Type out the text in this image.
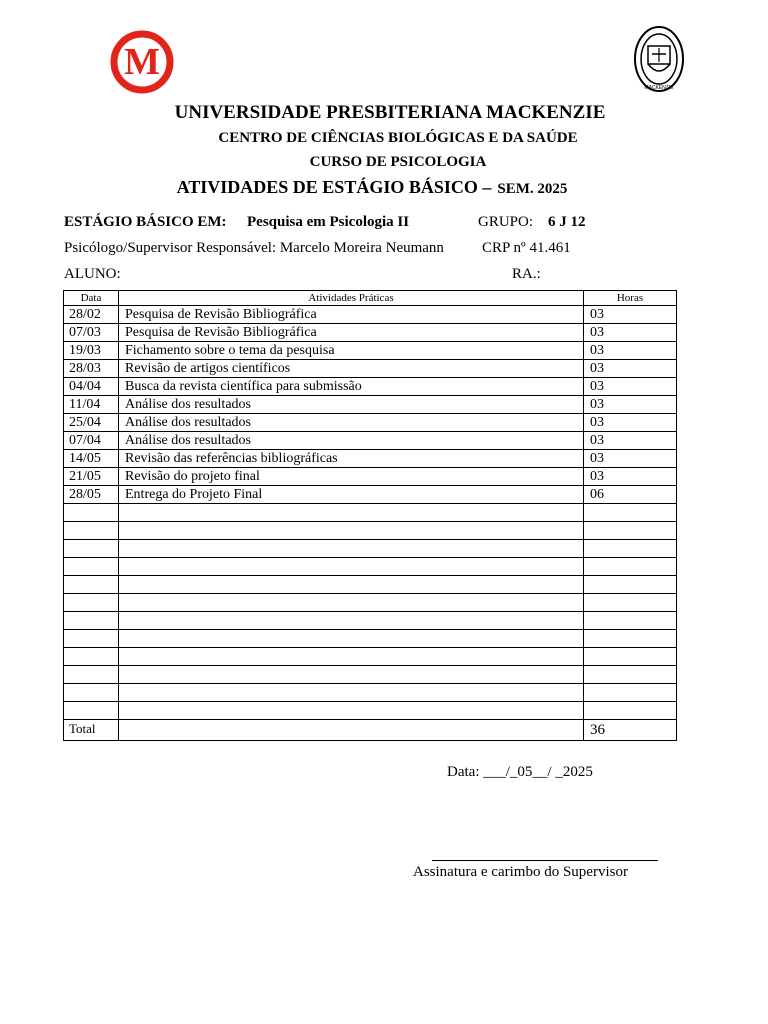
M
MACKENZIE
UNIVERSIDADE PRESBITERIANA MACKENZIE
CENTRO DE CIÊNCIAS BIOLÓGICAS E DA SAÚDE
CURSO DE PSICOLOGIA
ATIVIDADES DE ESTÁGIO BÁSICO – SEM. 2025
ESTÁGIO BÁSICO EM: Pesquisa em Psicologia II	GRUPO: 6 J 12
Psicólogo/Supervisor Responsável: Marcelo Moreira Neumann	CRP nº 41.461
ALUNO:	RA.:
Data	Atividades Práticas	Horas
28/02	Pesquisa de Revisão Bibliográfica	03
07/03	Pesquisa de Revisão Bibliográfica	03
19/03	Fichamento sobre o tema da pesquisa	03
28/03	Revisão de artigos científicos	03
04/04	Busca da revista científica para submissão	03
11/04	Análise dos resultados	03
25/04	Análise dos resultados	03
07/04	Análise dos resultados	03
14/05	Revisão das referências bibliográficas	03
21/05	Revisão do projeto final	03
28/05	Entrega do Projeto Final	06

Total		36
Data: ___/_05__/ _2025
Assinatura e carimbo do Supervisor
